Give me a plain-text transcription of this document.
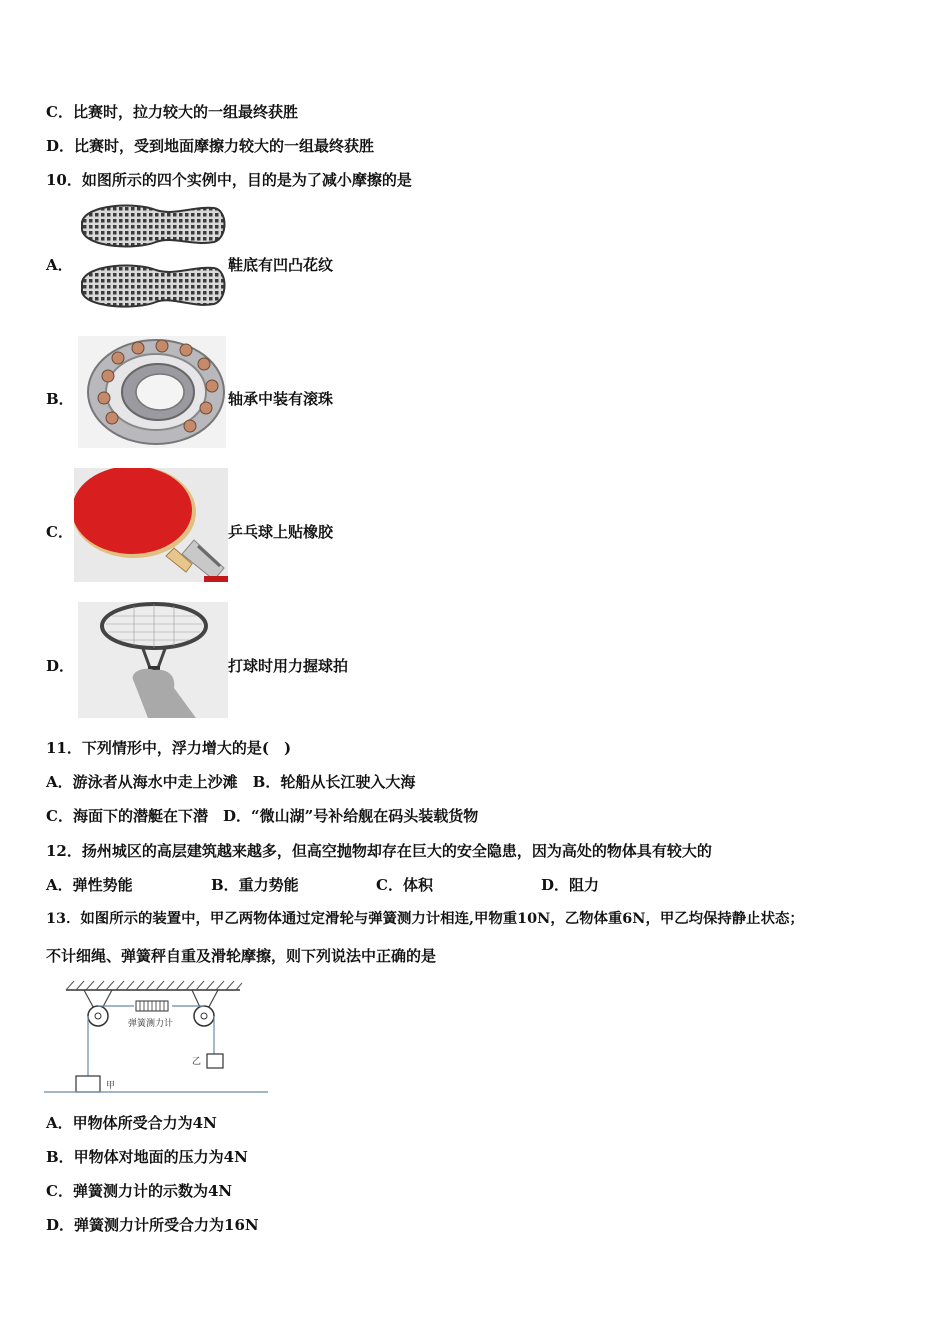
C．比赛时，拉力较大的一组最终获胜
D．比赛时，受到地面摩擦力较大的一组最终获胜
10．如图所示的四个实例中，目的是为了减小摩擦的是
A．	鞋底有凹凸花纹
B．	轴承中装有滚珠
C．	乒乓球上贴橡胶
D．	打球时用力握球拍
11．下列情形中，浮力增大的是(　)
A．游泳者从海水中走上沙滩　B．轮船从长江驶入大海
C．海面下的潜艇在下潜　D．“微山湖”号补给舰在码头装载货物
12．扬州城区的高层建筑越来越多，但高空抛物却存在巨大的安全隐患，因为高处的物体具有较大的
A．弹性势能	B．重力势能	C．体积	D．阻力
13．如图所示的装置中，甲乙两物体通过定滑轮与弹簧测力计相连,甲物重10N，乙物体重6N，甲乙均保持静止状态；
不计细绳、弹簧秤自重及滑轮摩擦，则下列说法中正确的是
弹簧测力计
乙
甲
A．甲物体所受合力为4N
B．甲物体对地面的压力为4N
C．弹簧测力计的示数为4N
D．弹簧测力计所受合力为16N
